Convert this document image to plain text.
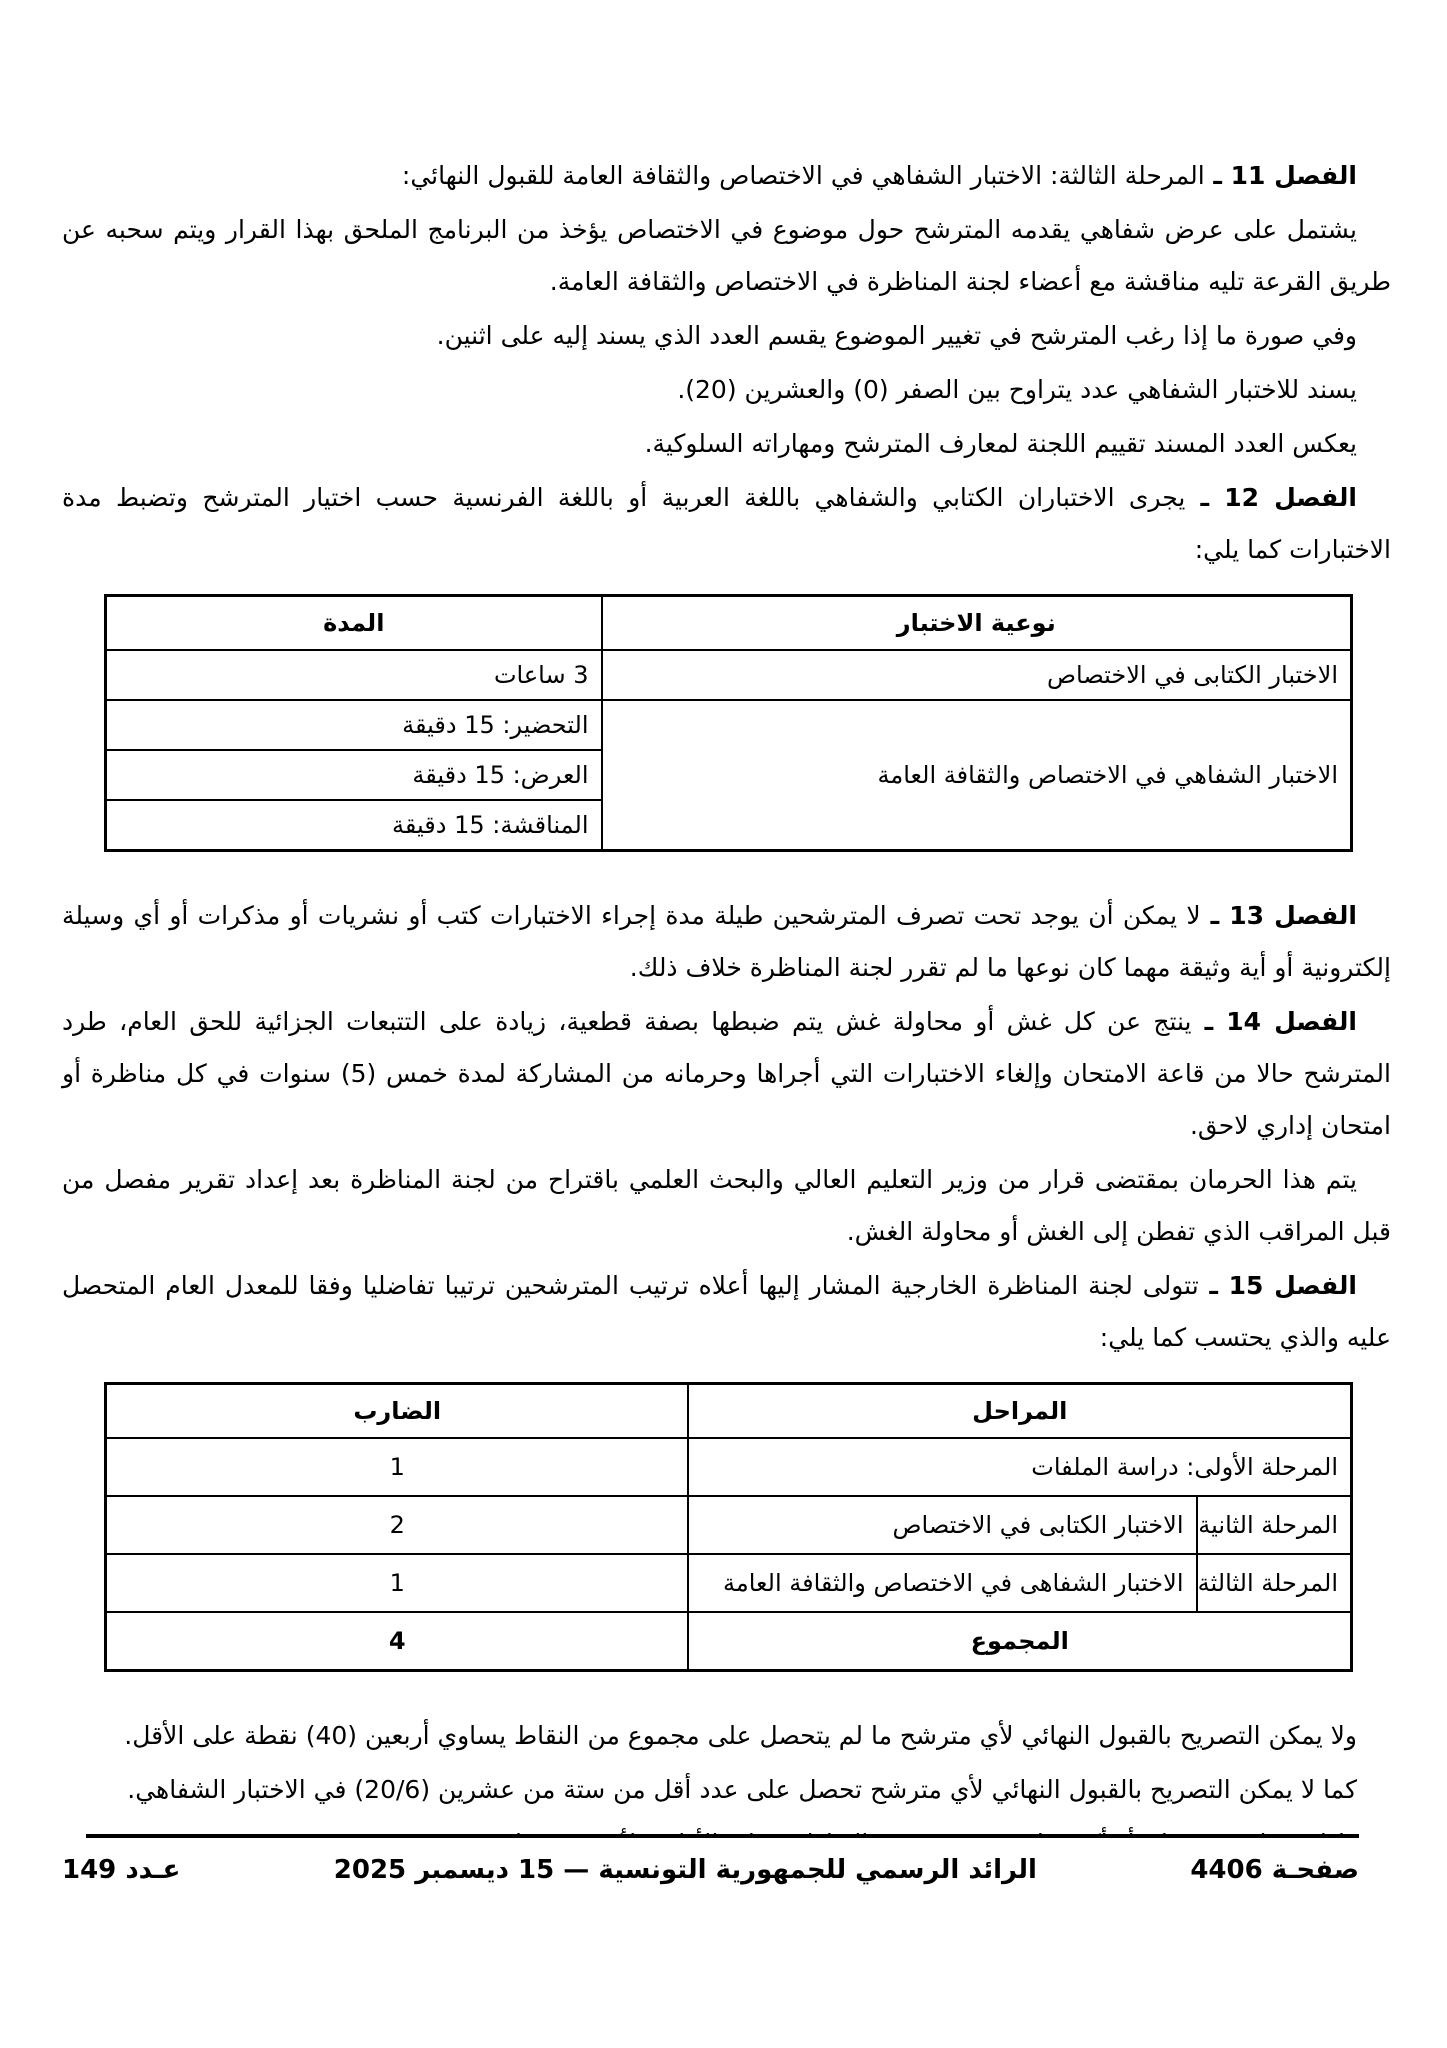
الفصل 11 ـ المرحلة الثالثة: الاختبار الشفاهي في الاختصاص والثقافة العامة للقبول النهائي:

يشتمل على عرض شفاهي يقدمه المترشح حول موضوع في الاختصاص يؤخذ من البرنامج الملحق بهذا القرار ويتم سحبه عن طريق القرعة تليه مناقشة مع أعضاء لجنة المناظرة في الاختصاص والثقافة العامة.

وفي صورة ما إذا رغب المترشح في تغيير الموضوع يقسم العدد الذي يسند إليه على اثنين.

يسند للاختبار الشفاهي عدد يتراوح بين الصفر (0) والعشرين (20).

يعكس العدد المسند تقييم اللجنة لمعارف المترشح ومهاراته السلوكية.

الفصل 12 ـ يجرى الاختباران الكتابي والشفاهي باللغة العربية أو باللغة الفرنسية حسب اختيار المترشح وتضبط مدة الاختبارات كما يلي:

نوعية الاختبار	المدة
الاختبار الكتابى في الاختصاص	3 ساعات
الاختبار الشفاهي في الاختصاص والثقافة العامة	التحضير: 15 دقيقة
	العرض: 15 دقيقة
	المناقشة: 15 دقيقة

الفصل 13 ـ لا يمكن أن يوجد تحت تصرف المترشحين طيلة مدة إجراء الاختبارات كتب أو نشريات أو مذكرات أو أي وسيلة إلكترونية أو أية وثيقة مهما كان نوعها ما لم تقرر لجنة المناظرة خلاف ذلك.

الفصل 14 ـ ينتج عن كل غش أو محاولة غش يتم ضبطها بصفة قطعية، زيادة على التتبعات الجزائية للحق العام، طرد المترشح حالا من قاعة الامتحان وإلغاء الاختبارات التي أجراها وحرمانه من المشاركة لمدة خمس (5) سنوات في كل مناظرة أو امتحان إداري لاحق.

يتم هذا الحرمان بمقتضى قرار من وزير التعليم العالي والبحث العلمي باقتراح من لجنة المناظرة بعد إعداد تقرير مفصل من قبل المراقب الذي تفطن إلى الغش أو محاولة الغش.

الفصل 15 ـ تتولى لجنة المناظرة الخارجية المشار إليها أعلاه ترتيب المترشحين ترتيبا تفاضليا وفقا للمعدل العام المتحصل عليه والذي يحتسب كما يلي:

المراحل		الضارب
المرحلة الأولى: دراسة الملفات		1
المرحلة الثانية	الاختبار الكتابى في الاختصاص	2
المرحلة الثالثة	الاختبار الشفاهى في الاختصاص والثقافة العامة	1
المجموع		4

ولا يمكن التصريح بالقبول النهائي لأي مترشح ما لم يتحصل على مجموع من النقاط يساوي أربعين (40) نقطة على الأقل.

كما لا يمكن التصريح بالقبول النهائي لأي مترشح تحصل على عدد أقل من ستة من عشرين (20/6) في الاختبار الشفاهي.

صفحـة 4406
الرائد الرسمي للجمهورية التونسية — 15 ديسمبر 2025
عـدد 149
